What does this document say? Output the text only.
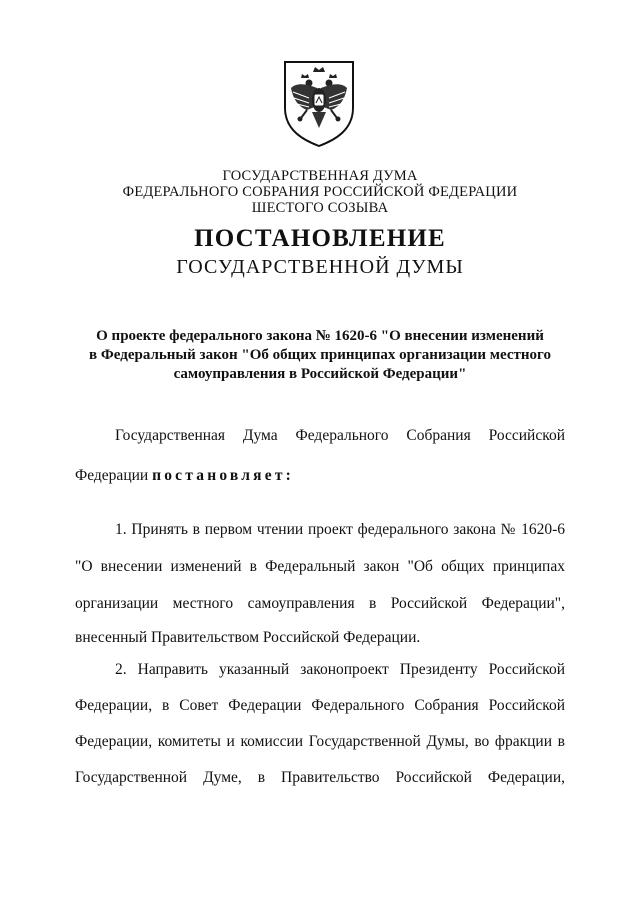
ГОСУДАРСТВЕННАЯ ДУМА
ФЕДЕРАЛЬНОГО СОБРАНИЯ РОССИЙСКОЙ ФЕДЕРАЦИИ
ШЕСТОГО СОЗЫВА
ПОСТАНОВЛЕНИЕ
ГОСУДАРСТВЕННОЙ ДУМЫ
О проекте федерального закона № 1620-6 "О внесении изменений
в Федеральный закон "Об общих принципах организации местного
самоуправления в Российской Федерации"
Государственная Дума Федерального Собрания Российской
Федерации постановляет:
1. Принять в первом чтении проект федерального закона № 1620-6
"О внесении изменений в Федеральный закон "Об общих принципах
организации местного самоуправления в Российской Федерации",
внесенный Правительством Российской Федерации.
2. Направить указанный законопроект Президенту Российской
Федерации, в Совет Федерации Федерального Собрания Российской
Федерации, комитеты и комиссии Государственной Думы, во фракции в
Государственной Думе, в Правительство Российской Федерации,
